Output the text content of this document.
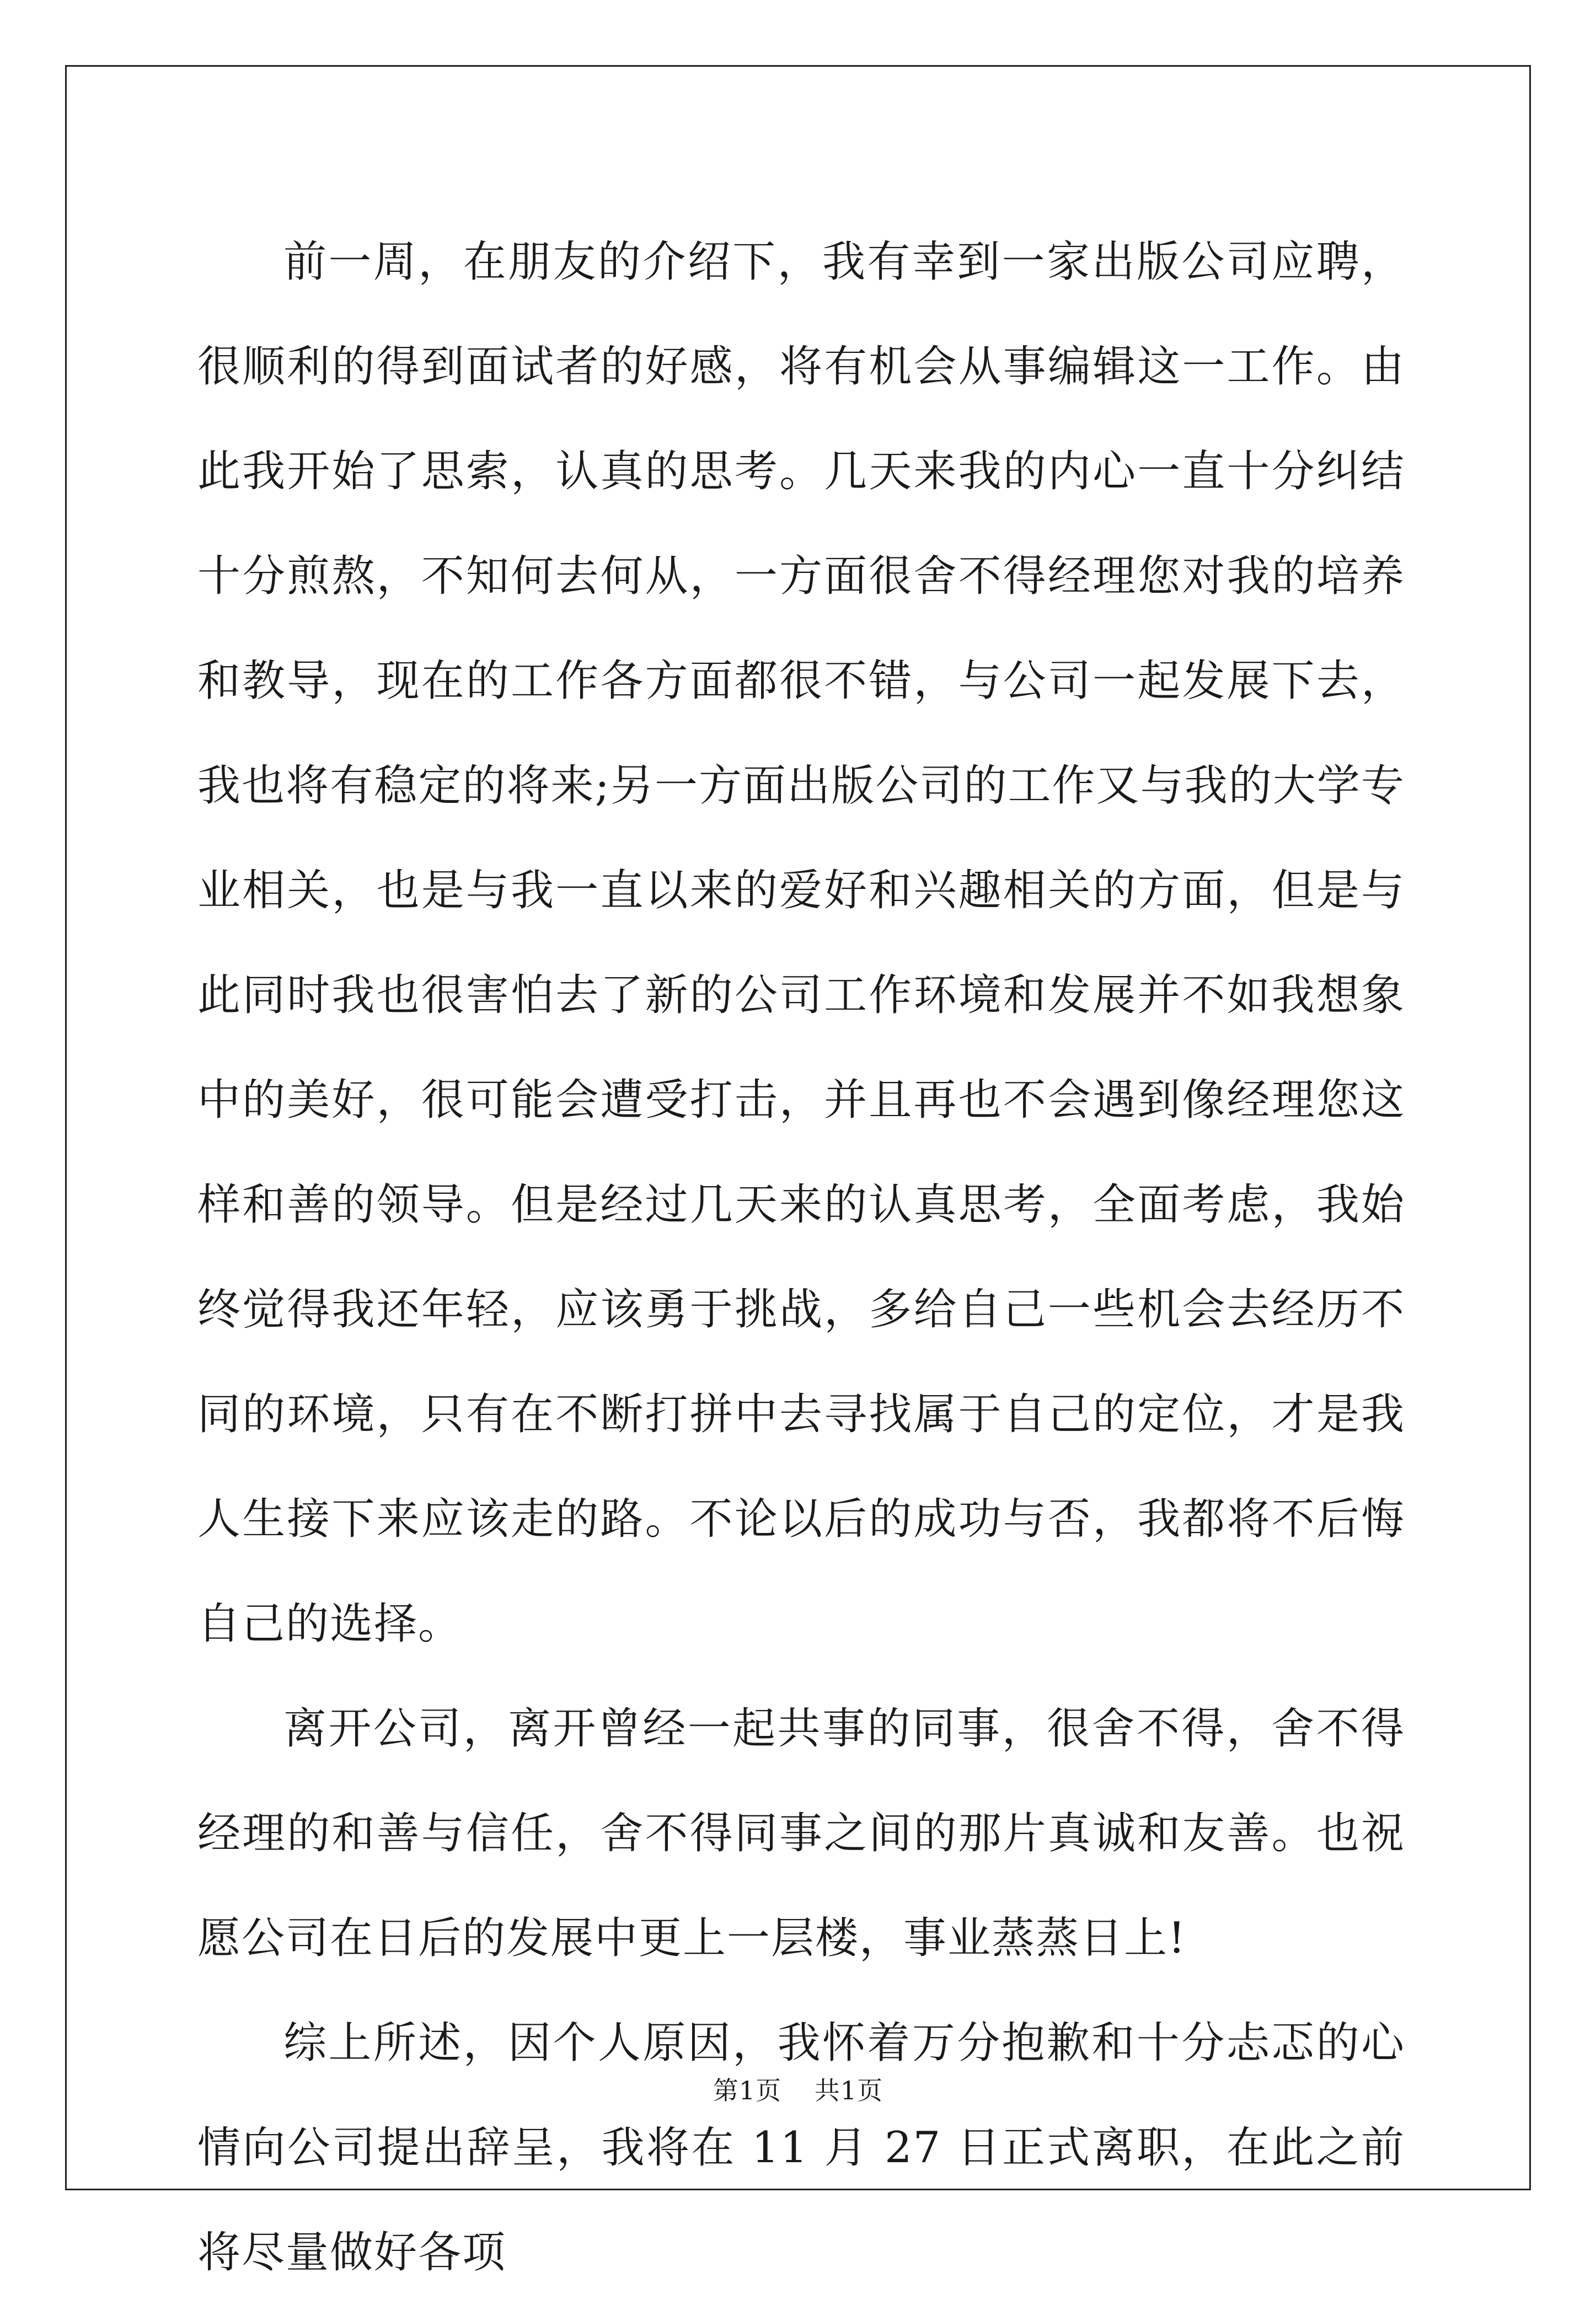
前一周，在朋友的介绍下，我有幸到一家出版公司应聘，很顺利的得到面试者的好感，将有机会从事编辑这一工作。由此我开始了思索，认真的思考。几天来我的内心一直十分纠结十分煎熬，不知何去何从，一方面很舍不得经理您对我的培养和教导，现在的工作各方面都很不错，与公司一起发展下去，我也将有稳定的将来;另一方面出版公司的工作又与我的大学专业相关，也是与我一直以来的爱好和兴趣相关的方面，但是与此同时我也很害怕去了新的公司工作环境和发展并不如我想象中的美好，很可能会遭受打击，并且再也不会遇到像经理您这样和善的领导。但是经过几天来的认真思考，全面考虑，我始终觉得我还年轻，应该勇于挑战，多给自己一些机会去经历不同的环境，只有在不断打拼中去寻找属于自己的定位，才是我人生接下来应该走的路。不论以后的成功与否，我都将不后悔自己的选择。

离开公司，离开曾经一起共事的同事，很舍不得，舍不得经理的和善与信任，舍不得同事之间的那片真诚和友善。也祝愿公司在日后的发展中更上一层楼，事业蒸蒸日上!

综上所述，因个人原因，我怀着万分抱歉和十分忐忑的心情向公司提出辞呈，我将在 11 月 27 日正式离职，在此之前将尽量做好各项

第1页 共1页
